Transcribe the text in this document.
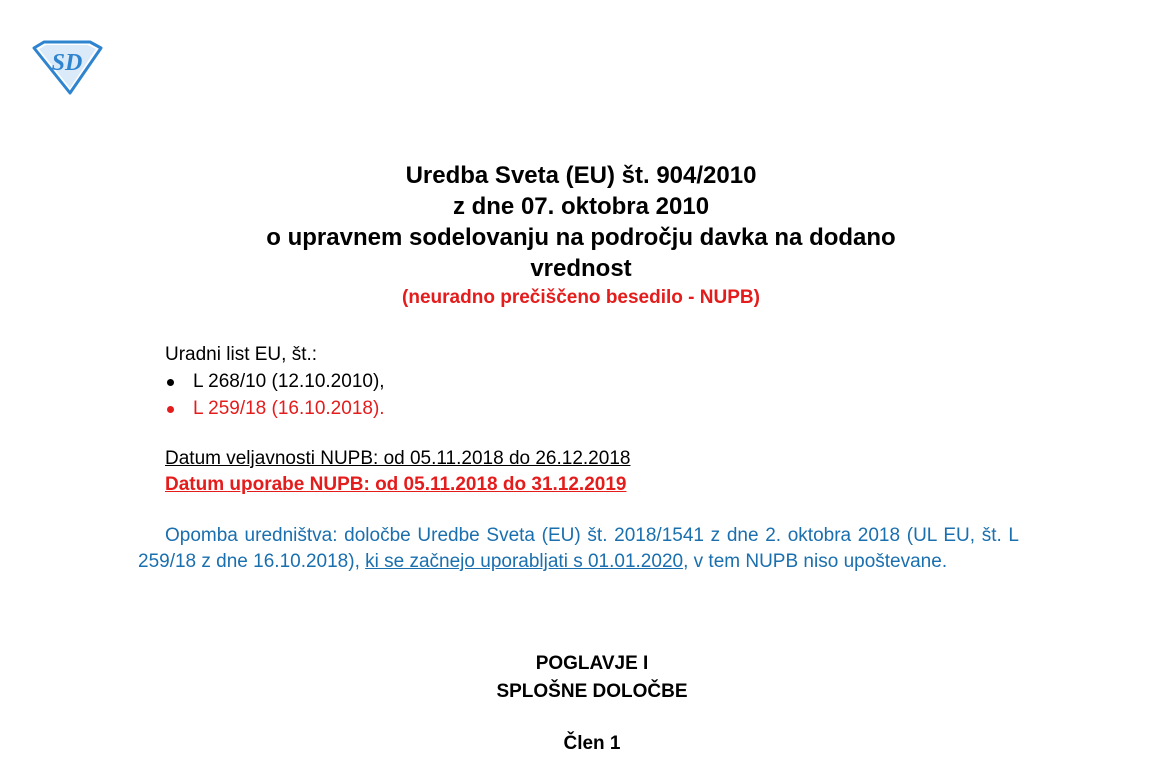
SD
Uredba Sveta (EU) št. 904/2010
z dne 07. oktobra 2010
o upravnem sodelovanju na področju davka na dodano
vrednost
(neuradno prečiščeno besedilo - NUPB)
Uradni list EU, št.:
L 268/10 (12.10.2010),
L 259/18 (16.10.2018).
Datum veljavnosti NUPB: od 05.11.2018 do 26.12.2018
Datum uporabe NUPB: od 05.11.2018 do 31.12.2019
Opomba uredništva: določbe Uredbe Sveta (EU) št. 2018/1541 z dne 2. oktobra 2018 (UL EU, št. L 259/18 z dne 16.10.2018), ki se začnejo uporabljati s 01.01.2020, v tem NUPB niso upoštevane.
POGLAVJE I
SPLOŠNE DOLOČBE
Člen 1
